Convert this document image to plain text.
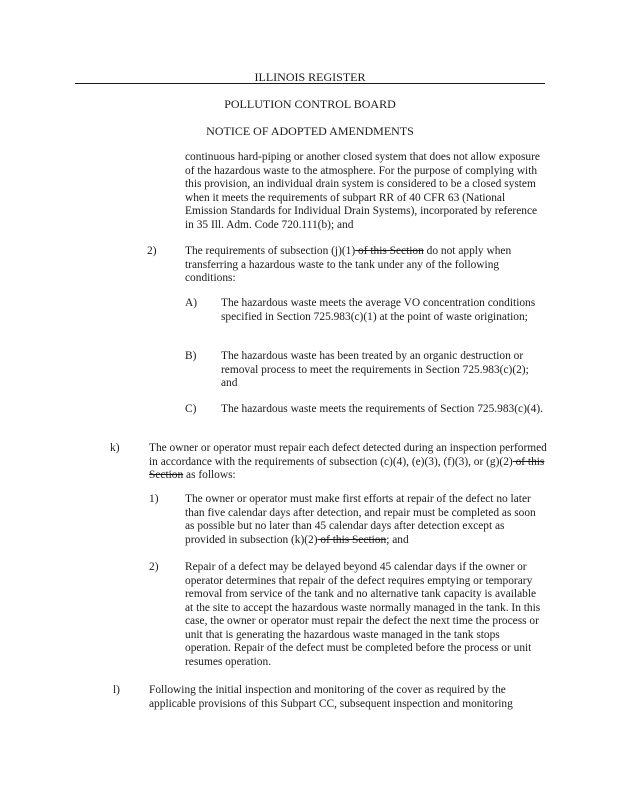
ILLINOIS REGISTER
POLLUTION CONTROL BOARD
NOTICE OF ADOPTED AMENDMENTS

continuous hard-piping or another closed system that does not allow exposure of the hazardous waste to the atmosphere. For the purpose of complying with this provision, an individual drain system is considered to be a closed system when it meets the requirements of subpart RR of 40 CFR 63 (National Emission Standards for Individual Drain Systems), incorporated by reference in 35 Ill. Adm. Code 720.111(b); and

2)	The requirements of subsection (j)(1) of this Section do not apply when transferring a hazardous waste to the tank under any of the following conditions:

A) The hazardous waste meets the average VO concentration conditions specified in Section 725.983(c)(1) at the point of waste origination;

B) The hazardous waste has been treated by an organic destruction or removal process to meet the requirements in Section 725.983(c)(2); and

C) The hazardous waste meets the requirements of Section 725.983(c)(4).

k)	The owner or operator must repair each defect detected during an inspection performed in accordance with the requirements of subsection (c)(4), (e)(3), (f)(3), or (g)(2) of this Section as follows:

1) The owner or operator must make first efforts at repair of the defect no later than five calendar days after detection, and repair must be completed as soon as possible but no later than 45 calendar days after detection except as provided in subsection (k)(2) of this Section; and

2) Repair of a defect may be delayed beyond 45 calendar days if the owner or operator determines that repair of the defect requires emptying or temporary removal from service of the tank and no alternative tank capacity is available at the site to accept the hazardous waste normally managed in the tank. In this case, the owner or operator must repair the defect the next time the process or unit that is generating the hazardous waste managed in the tank stops operation. Repair of the defect must be completed before the process or unit resumes operation.

l)	Following the initial inspection and monitoring of the cover as required by the applicable provisions of this Subpart CC, subsequent inspection and monitoring
